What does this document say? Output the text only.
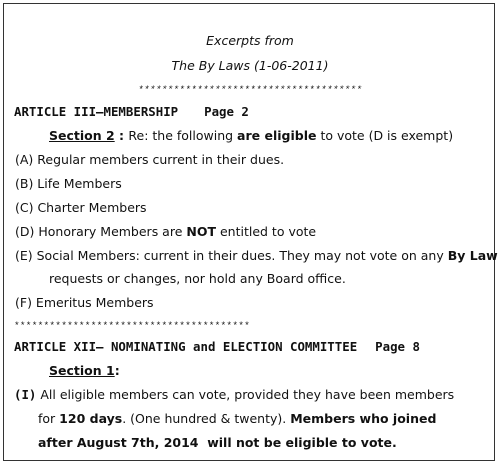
Excerpts from
The By Laws (1-06-2011)
**************************************
ARTICLE III—MEMBERSHIP Page 2
Section 2 : Re: the following are eligible to vote (D is exempt)
(A) Regular members current in their dues.
(B) Life Members
(C) Charter Members
(D) Honorary Members are NOT entitled to vote
(E) Social Members: current in their dues. They may not vote on any By Law
requests or changes, nor hold any Board office.
(F) Emeritus Members
****************************************
ARTICLE XII– NOMINATING and ELECTION COMMITTEE Page 8
Section 1:
(I) All eligible members can vote, provided they have been members
for 120 days. (One hundred & twenty). Members who joined
after August 7th, 2014  will not be eligible to vote.
